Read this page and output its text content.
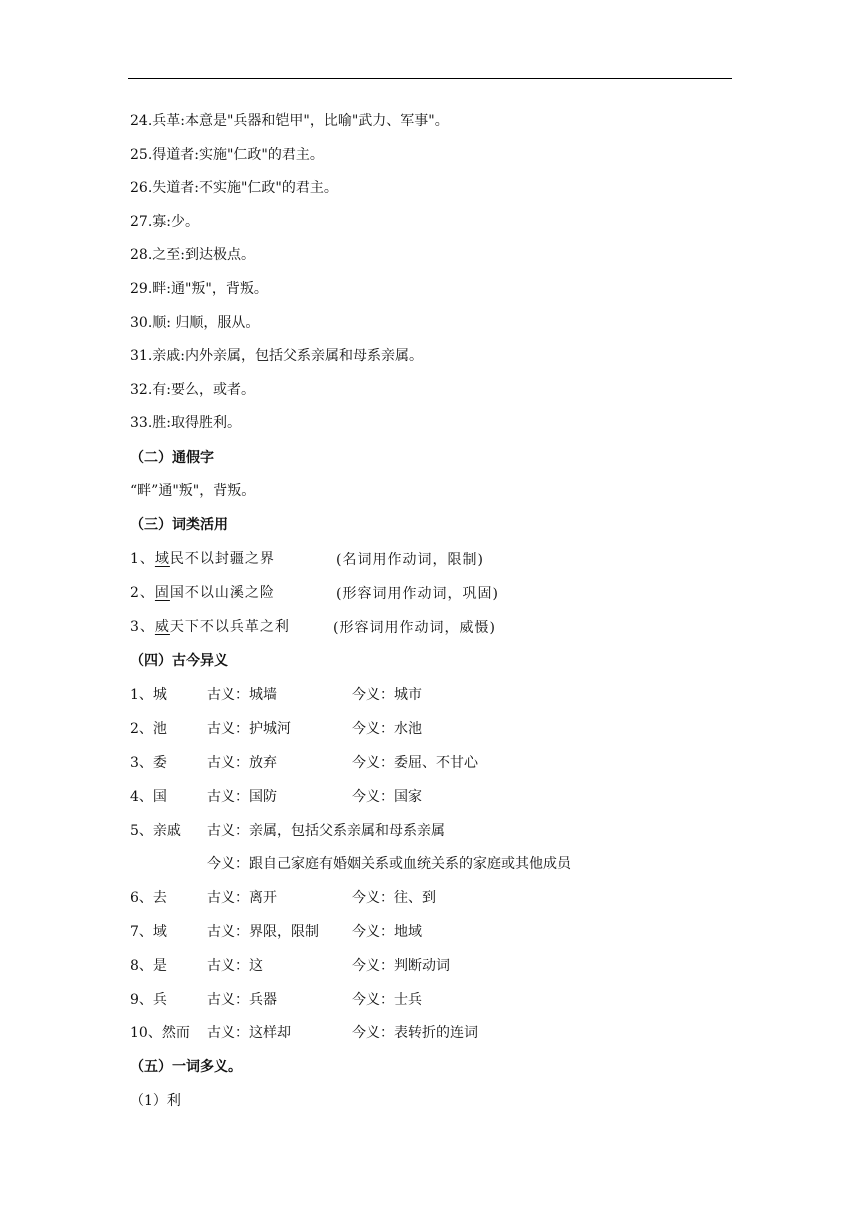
24.兵革:本意是"兵器和铠甲"，比喻"武力、军事"。
25.得道者:实施"仁政"的君主。
26.失道者:不实施"仁政"的君主。
27.寡:少。
28.之至:到达极点。
29.畔:通"叛"，背叛。
30.顺: 归顺，服从。
31.亲戚:内外亲属，包括父系亲属和母系亲属。
32.有:要么，或者。
33.胜:取得胜利。
（二）通假字
“畔”通"叛"，背叛。
（三）词类活用
1、域民不以封疆之界	(名词用作动词，限制)
2、固国不以山溪之险	(形容词用作动词，巩固)
3、威天下不以兵革之利	(形容词用作动词，威慑)
（四）古今异义
1、城	古义：城墙	今义：城市
2、池	古义：护城河	今义：水池
3、委	古义：放弃	今义：委屈、不甘心
4、国	古义：国防	今义：国家
5、亲戚 古义：亲属，包括父系亲属和母系亲属
今义：跟自己家庭有婚姻关系或血统关系的家庭或其他成员
6、去	古义：离开	今义：往、到
7、域	古义：界限，限制 今义：地域
8、是	古义：这	今义：判断动词
9、兵	古义：兵器	今义：士兵
10、然而 古义：这样却	今义：表转折的连词
（五）一词多义。
（1）利
